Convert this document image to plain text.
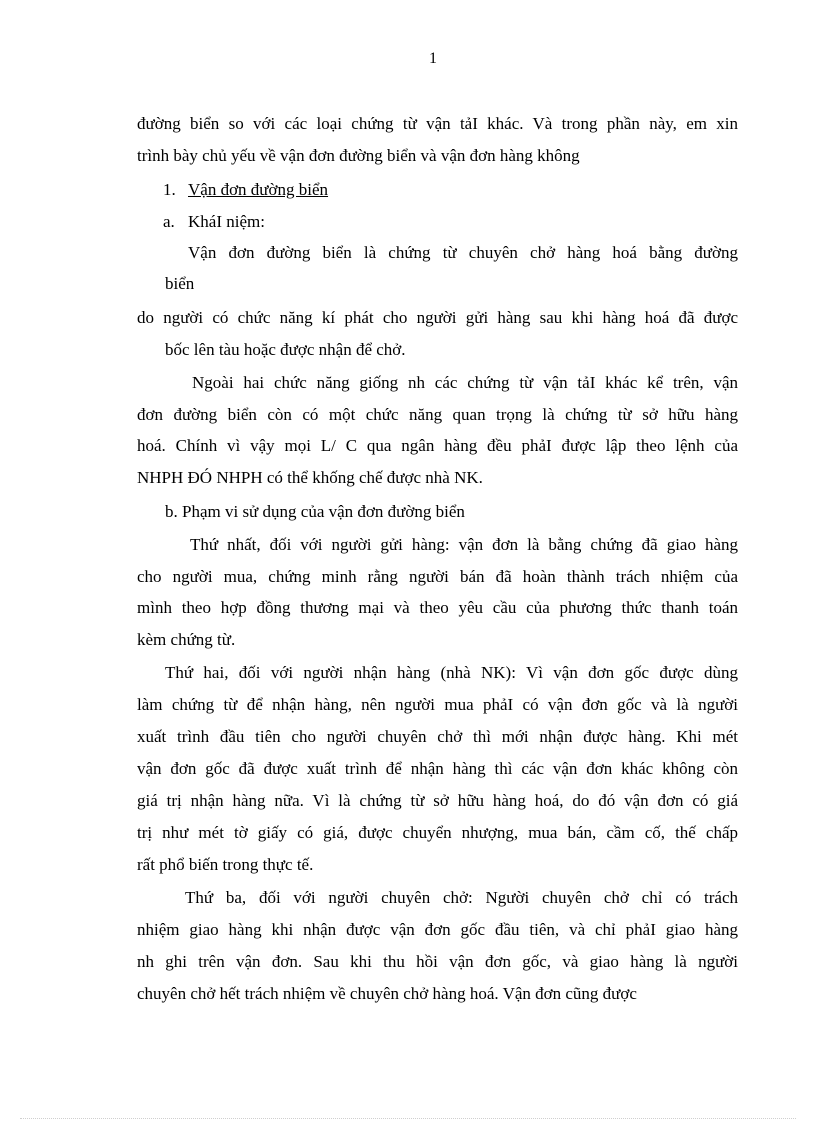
1
đường biển so với các loại chứng từ vận tảI khác. Và trong phần này, em xin
trình bày chủ yếu về vận đơn đường biển và vận đơn hàng không
1. Vận đơn đường biển
a. KháI niệm:
Vận đơn đường biển là chứng từ chuyên chở hàng hoá bằng đường
biển
do người có chức năng kí phát cho người gửi hàng sau khi hàng hoá đã được
bốc lên tàu hoặc được nhận để chở.
Ngoài hai chức năng giống nh các chứng từ vận tảI khác kể trên, vận
đơn đường biển còn có một chức năng quan trọng là chứng từ sở hữu hàng
hoá. Chính vì vậy mọi L/ C qua ngân hàng đều phảI được lập theo lệnh của
NHPH ĐÓ NHPH có thể khống chế được nhà NK.
b. Phạm vi sử dụng của vận đơn đường biển
Thứ nhất, đối với người gửi hàng: vận đơn là bằng chứng đã giao hàng
cho người mua, chứng minh rằng người bán đã hoàn thành trách nhiệm của
mình theo hợp đồng thương mại và theo yêu cầu của phương thức thanh toán
kèm chứng từ.
Thứ hai, đối với người nhận hàng (nhà NK): Vì vận đơn gốc được dùng
làm chứng từ để nhận hàng, nên người mua phảI có vận đơn gốc và là người
xuất trình đầu tiên cho người chuyên chở thì mới nhận được hàng. Khi mét
vận đơn gốc đã được xuất trình để nhận hàng thì các vận đơn khác không còn
giá trị nhận hàng nữa. Vì là chứng từ sở hữu hàng hoá, do đó vận đơn có giá
trị như mét tờ giấy có giá, được chuyển nhượng, mua bán, cầm cố, thế chấp
rất phổ biến trong thực tế.
Thứ ba, đối với người chuyên chở: Người chuyên chở chỉ có trách
nhiệm giao hàng khi nhận được vận đơn gốc đầu tiên, và chỉ phảI giao hàng
nh ghi trên vận đơn. Sau khi thu hồi vận đơn gốc, và giao hàng là người
chuyên chở hết trách nhiệm về chuyên chở hàng hoá. Vận đơn cũng được
